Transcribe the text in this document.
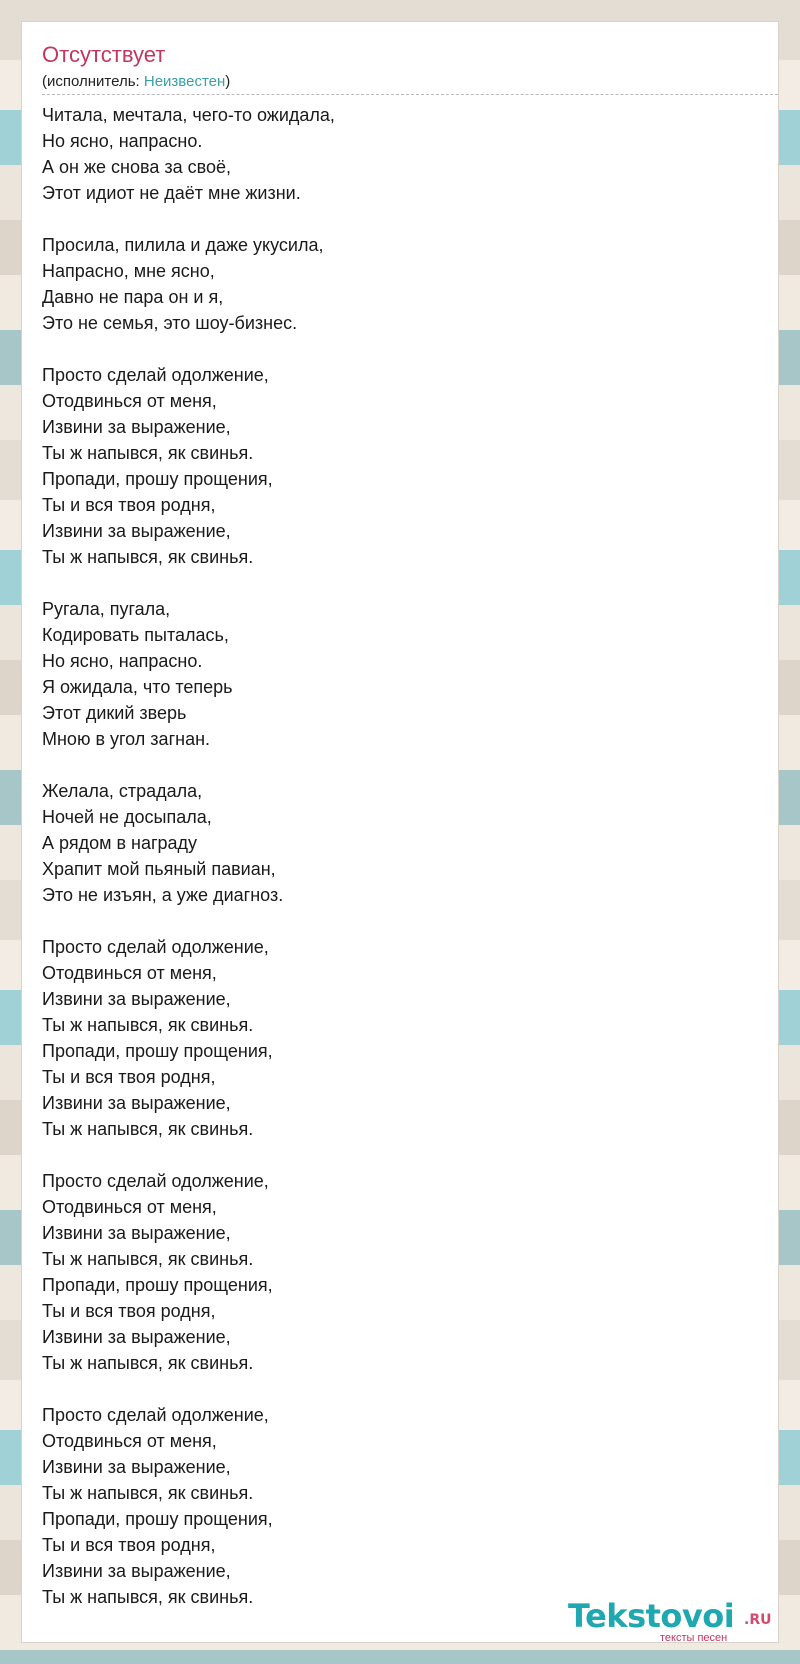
Отсутствует
(исполнитель: Неизвестен)
Читала, мечтала, чего-то ожидала,
Но ясно, напрасно.
А он же снова за своё,
Этот идиот не даёт мне жизни.
Просила, пилила и даже укусила,
Напрасно, мне ясно,
Давно не пара он и я,
Это не семья, это шоу-бизнес.
Просто сделай одолжение,
Отодвинься от меня,
Извини за выражение,
Ты ж напывся, як свинья.
Пропади, прошу прощения,
Ты и вся твоя родня,
Извини за выражение,
Ты ж напывся, як свинья.
Ругала, пугала,
Кодировать пыталась,
Но ясно, напрасно.
Я ожидала, что теперь
Этот дикий зверь
Мною в угол загнан.
Желала, страдала,
Ночей не досыпала,
А рядом в награду
Храпит мой пьяный павиан,
Это не изъян, а уже диагноз.
Просто сделай одолжение,
Отодвинься от меня,
Извини за выражение,
Ты ж напывся, як свинья.
Пропади, прошу прощения,
Ты и вся твоя родня,
Извини за выражение,
Ты ж напывся, як свинья.
Просто сделай одолжение,
Отодвинься от меня,
Извини за выражение,
Ты ж напывся, як свинья.
Пропади, прошу прощения,
Ты и вся твоя родня,
Извини за выражение,
Ты ж напывся, як свинья.
Просто сделай одолжение,
Отодвинься от меня,
Извини за выражение,
Ты ж напывся, як свинья.
Пропади, прошу прощения,
Ты и вся твоя родня,
Извини за выражение,
Ты ж напывся, як свинья.	Tekstovoi .RU
тексты песен
